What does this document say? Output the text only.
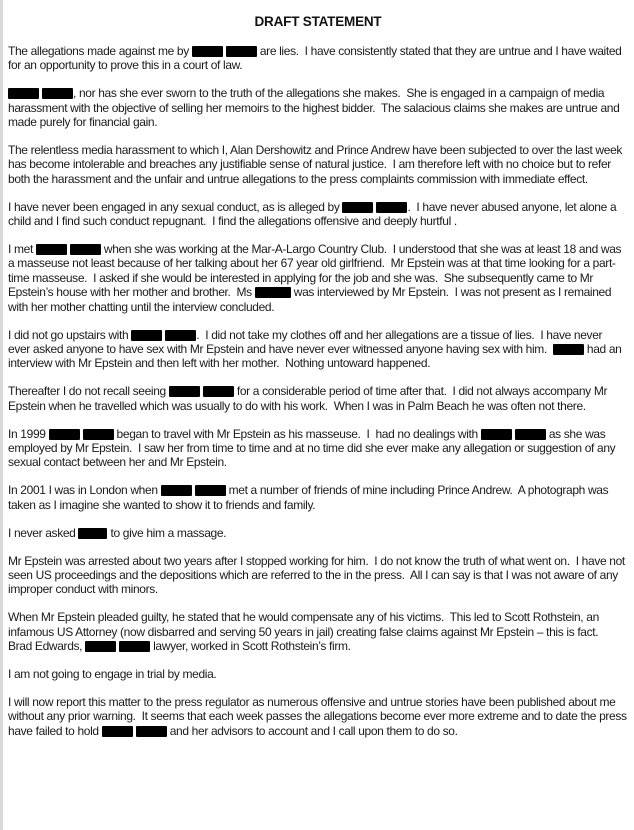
DRAFT STATEMENT

The allegations made against me by	are lies.  I have consistently stated that they are untrue and I have waited for an opportunity to prove this in a court of law.

, nor has she ever sworn to the truth of the allegations she makes.  She is engaged in a campaign of media harassment with the objective of selling her memoirs to the highest bidder.  The salacious claims she makes are untrue and made purely for financial gain.

The relentless media harassment to which I, Alan Dershowitz and Prince Andrew have been subjected to over the last week has become intolerable and breaches any justifiable sense of natural justice.  I am therefore left with no choice but to refer both the harassment and the unfair and untrue allegations to the press complaints commission with immediate effect.

I have never been engaged in any sexual conduct, as is alleged by	.  I have never abused anyone, let alone a child and I find such conduct repugnant.  I find the allegations offensive and deeply hurtful .

I met	when she was working at the Mar-A-Largo Country Club.  I understood that she was at least 18 and was a masseuse not least because of her talking about her 67 year old girlfriend.  Mr Epstein was at that time looking for a part-time masseuse.  I asked if she would be interested in applying for the job and she was.  She subsequently came to Mr Epstein’s house with her mother and brother.  Ms	was interviewed by Mr Epstein.  I was not present as I remained with her mother chatting until the interview concluded.

I did not go upstairs with	.  I did not take my clothes off and her allegations are a tissue of lies.  I have never  ever asked anyone to have sex with Mr Epstein and have never ever witnessed anyone having sex with him.	had an interview with Mr Epstein and then left with her mother.  Nothing untoward happened.

Thereafter I do not recall seeing	for a considerable period of time after that.  I did not always accompany Mr Epstein when he travelled which was usually to do with his work.  When I was in Palm Beach he was often not there.

In 1999	began to travel with Mr Epstein as his masseuse.  I  had no dealings with	as she was employed by Mr Epstein.  I saw her from time to time and at no time did she ever make any allegation or suggestion of any sexual contact between her and Mr Epstein.

In 2001 I was in London when	met a number of friends of mine including Prince Andrew.  A photograph was taken as I imagine she wanted to show it to friends and family.

I never asked  to give him a massage.

Mr Epstein was arrested about two years after I stopped working for him.  I do not know the truth of what went on.  I have not seen US proceedings and the depositions which are referred to the in the press.  All I can say is that I was not aware of any improper conduct with minors.

When Mr Epstein pleaded guilty, he stated that he would compensate any of his victims.  This led to Scott Rothstein, an infamous US Attorney (now disbarred and serving 50 years in jail) creating false claims against Mr Epstein – this is fact.  Brad Edwards,	lawyer, worked in Scott Rothstein’s firm.

I am not going to engage in trial by media.

I will now report this matter to the press regulator as numerous offensive and untrue stories have been published about me without any prior warning.  It seems that each week passes the allegations become ever more extreme and to date the press have failed to hold	and her advisors to account and I call upon them to do so.
